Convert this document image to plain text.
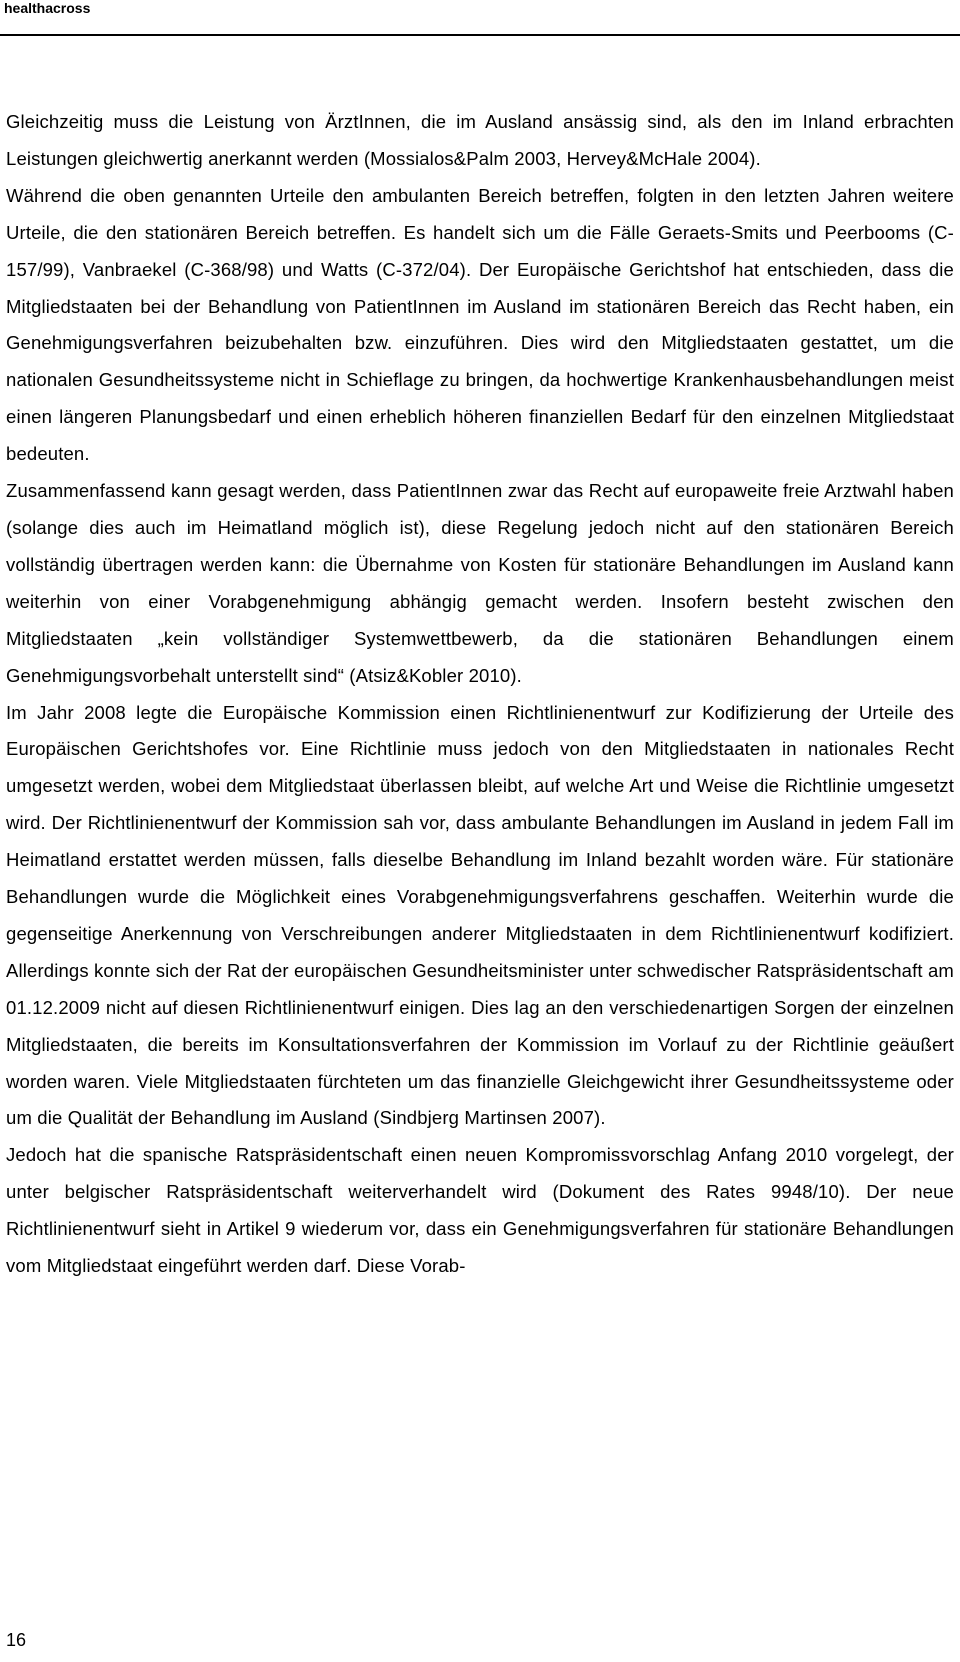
healthacross

Gleichzeitig muss die Leistung von ÄrztInnen, die im Ausland ansässig sind, als den im Inland erbrachten Leistungen gleichwertig anerkannt werden (Mossialos&Palm 2003, Hervey&McHale 2004).

Während die oben genannten Urteile den ambulanten Bereich betreffen, folgten in den letzten Jahren weitere Urteile, die den stationären Bereich betreffen. Es handelt sich um die Fälle Geraets-Smits und Peerbooms (C-157/99), Vanbraekel (C-368/98) und Watts (C-372/04). Der Europäische Gerichtshof hat entschieden, dass die Mitgliedstaaten bei der Behandlung von PatientInnen im Ausland im stationären Bereich das Recht haben, ein Genehmigungsverfahren beizubehalten bzw. einzuführen. Dies wird den Mitgliedstaaten gestattet, um die nationalen Gesundheitssysteme nicht in Schieflage zu bringen, da hochwertige Krankenhausbehandlungen meist einen längeren Planungsbedarf und einen erheblich höheren finanziellen Bedarf für den einzelnen Mitgliedstaat bedeuten.

Zusammenfassend kann gesagt werden, dass PatientInnen zwar das Recht auf europaweite freie Arztwahl haben (solange dies auch im Heimatland möglich ist), diese Regelung jedoch nicht auf den stationären Bereich vollständig übertragen werden kann: die Übernahme von Kosten für stationäre Behandlungen im Ausland kann weiterhin von einer Vorabgenehmigung abhängig gemacht werden. Insofern besteht zwischen den Mitgliedstaaten „kein vollständiger Systemwettbewerb, da die stationären Behandlungen einem Genehmigungsvorbehalt unterstellt sind“ (Atsiz&Kobler 2010).

Im Jahr 2008 legte die Europäische Kommission einen Richtlinienentwurf zur Kodifizierung der Urteile des Europäischen Gerichtshofes vor. Eine Richtlinie muss jedoch von den Mitgliedstaaten in nationales Recht umgesetzt werden, wobei dem Mitgliedstaat überlassen bleibt, auf welche Art und Weise die Richtlinie umgesetzt wird. Der Richtlinienentwurf der Kommission sah vor, dass ambulante Behandlungen im Ausland in jedem Fall im Heimatland erstattet werden müssen, falls dieselbe Behandlung im Inland bezahlt worden wäre. Für stationäre Behandlungen wurde die Möglichkeit eines Vorabgenehmigungsverfahrens geschaffen. Weiterhin wurde die gegenseitige Anerkennung von Verschreibungen anderer Mitgliedstaaten in dem Richtlinienentwurf kodifiziert. Allerdings konnte sich der Rat der europäischen Gesundheitsminister unter schwedischer Ratspräsidentschaft am 01.12.2009 nicht auf diesen Richtlinienentwurf einigen. Dies lag an den verschiedenartigen Sorgen der einzelnen Mitgliedstaaten, die bereits im Konsultationsverfahren der Kommission im Vorlauf zu der Richtlinie geäußert worden waren. Viele Mitgliedstaaten fürchteten um das finanzielle Gleichgewicht ihrer Gesundheitssysteme oder um die Qualität der Behandlung im Ausland (Sindbjerg Martinsen 2007).

Jedoch hat die spanische Ratspräsidentschaft einen neuen Kompromissvorschlag Anfang 2010 vorgelegt, der unter belgischer Ratspräsidentschaft weiterverhandelt wird (Dokument des Rates 9948/10). Der neue Richtlinienentwurf sieht in Artikel 9 wiederum vor, dass ein Genehmigungsverfahren für stationäre Behandlungen vom Mitgliedstaat eingeführt werden darf. Diese Vorab-

16
